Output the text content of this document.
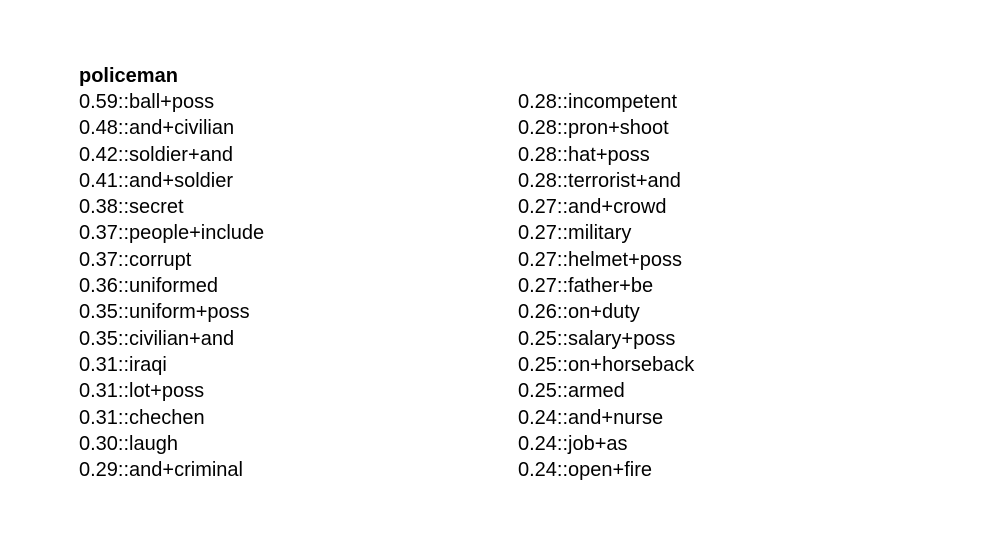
policeman
0.59::ball+poss
0.48::and+civilian
0.42::soldier+and
0.41::and+soldier
0.38::secret
0.37::people+include
0.37::corrupt
0.36::uniformed
0.35::uniform+poss
0.35::civilian+and
0.31::iraqi
0.31::lot+poss
0.31::chechen
0.30::laugh
0.29::and+criminal
0.28::incompetent
0.28::pron+shoot
0.28::hat+poss
0.28::terrorist+and
0.27::and+crowd
0.27::military
0.27::helmet+poss
0.27::father+be
0.26::on+duty
0.25::salary+poss
0.25::on+horseback
0.25::armed
0.24::and+nurse
0.24::job+as
0.24::open+fire
